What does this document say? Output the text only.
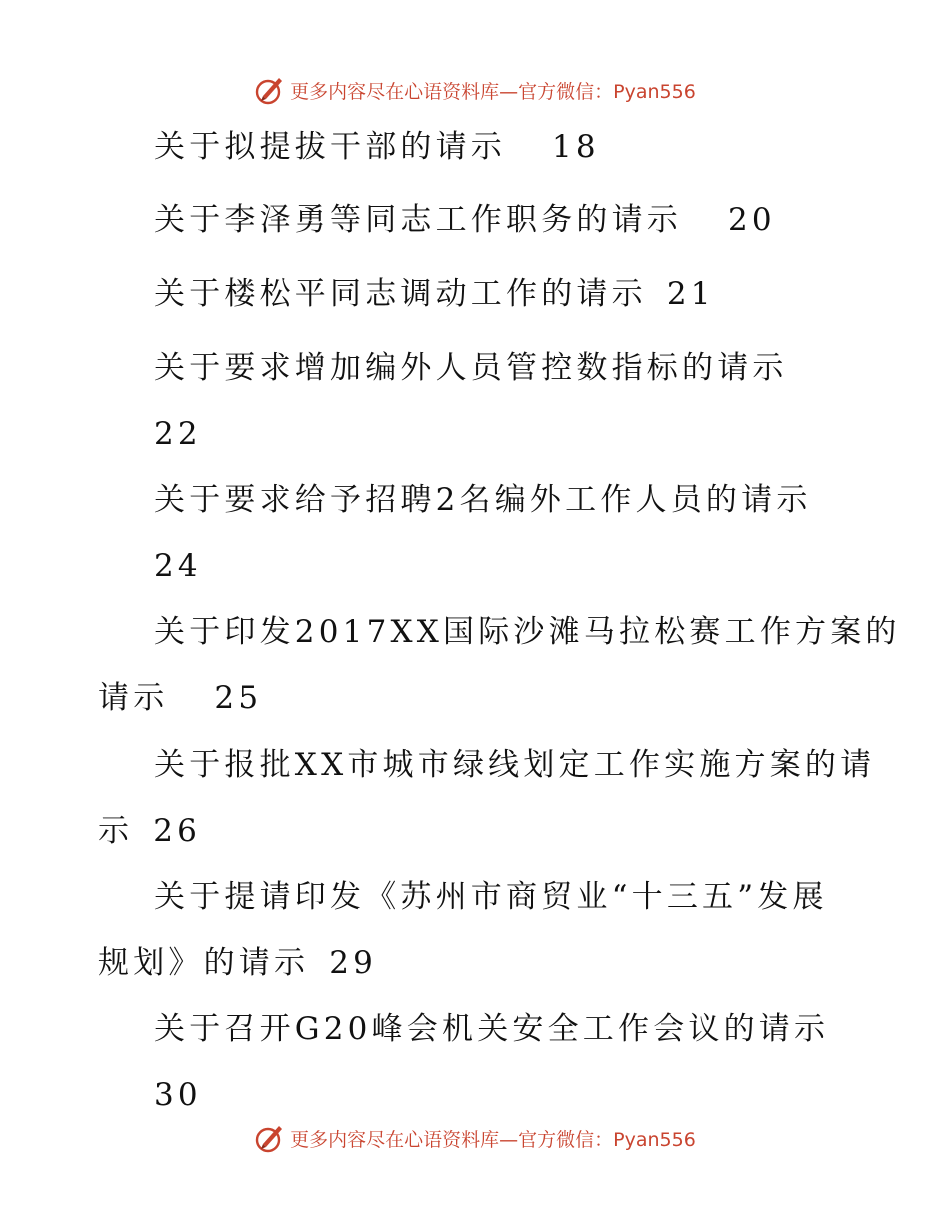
更多内容尽在心语资料库—官方微信：Pyan556
关于拟提拔干部的请示 18
关于李泽勇等同志工作职务的请示 20
关于楼松平同志调动工作的请示 21
关于要求增加编外人员管控数指标的请示
22
关于要求给予招聘2名编外工作人员的请示
24
关于印发2017XX国际沙滩马拉松赛工作方案的
请示 25
关于报批XX市城市绿线划定工作实施方案的请
示 26
关于提请印发《苏州市商贸业“十三五”发展
规划》的请示 29
关于召开G20峰会机关安全工作会议的请示
30
更多内容尽在心语资料库—官方微信：Pyan556
